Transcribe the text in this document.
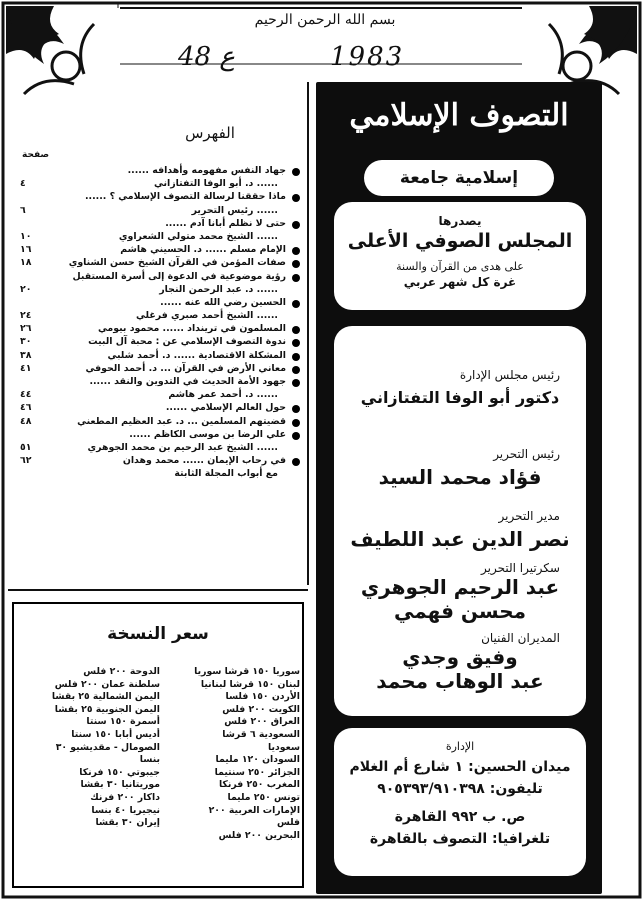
بسم الله الرحمن الرحيم
48 ع	1983
التصوف الإسلامي
إسلامية جامعة
يصدرها
المجلس الصوفي الأعلى
على هدى من القرآن والسنة
غرة كل شهر عربي
رئيس مجلس الإدارة
دكتور أبو الوفا التفتازاني
رئيس التحرير
فؤاد محمد السيد
مدير التحرير
نصر الدين عبد اللطيف
سكرتيرا التحرير
عبد الرحيم الجوهري
محسن فهمي
المديران الفنيان
وفيق وجدي
عبد الوهاب محمد
الإدارة
ميدان الحسين: ١ شارع أم الغلام
تليفون: ٩٠٥٣٩٣/٩١٠٣٩٨
ص. ب ٩٩٢ القاهرة
تلغرافيا: التصوف بالقاهرة
الفهرس
صفحة
جهاد النفس مفهومه وأهدافه ......
...... د. أبو الوفا التفتازاني
٤
ماذا حققنا لرسالة التصوف الإسلامي ؟ ......
...... رئيس التحرير
٦
حتى لا نظلم أبانا آدم ......
...... الشيخ محمد متولي الشعراوي
١٠
الإمام مسلم ...... د. الحسيني هاشم
١٦
صفات المؤمن في القرآن الشيخ حسن الشناوي
١٨
رؤية موضوعية في الدعوة إلى أسرة المستقبل
...... د. عبد الرحمن النجار
٢٠
الحسين رضي الله عنه ......
...... الشيخ أحمد صبري فرغلي
٢٤
المسلمون في ترينداد ...... محمود بيومي
٢٦
ندوة التصوف الإسلامي عن : محبة آل البيت
٣٠
المشكلة الاقتصادية ...... د. أحمد شلبي
٣٨
معاني الأرض في القرآن ... د. أحمد الحوفي
٤١
جهود الأمة الحديث في التدوين والنقد ......
...... د. أحمد عمر هاشم
٤٤
حول العالم الإسلامي ......
٤٦
قضيتهم المسلمين ... د. عبد العظيم المطعني
٤٨
علي الرضا بن موسى الكاظم ......
...... الشيخ عبد الرحيم بن محمد الجوهري
٥١
في رحاب الإيمان ...... محمد وهدان
٦٢
مع أبواب المجلة الثابتة
سعر النسخة
سوريا ١٥٠ قرشا سوريا
لبنان ١٥٠ قرشا لبنانيا
الأردن ١٥٠ فلسا
الكويت ٢٠٠ فلس
العراق ٢٠٠ فلس
السعودية ٦ قرشا
سعوديا
السودان ١٢٠ مليما
الجزائر ٢٥٠ سنتيما
المغرب ٢٥٠ فرنكا
تونس ٢٥٠ مليما
الإمارات العربية ٢٠٠
فلس
البحرين ٢٠٠ فلس
الدوحة ٢٠٠ فلس
سلطنة عمان ٢٠٠ فلس
اليمن الشمالية ٢٥ بقشا
اليمن الجنوبية ٢٥ بقشا
أسمرة ١٥٠ سنتا
أديس أبابا ١٥٠ سنتا
الصومال - مقديشيو ٣٠
بنسا
جيبوتي ١٥٠ فرنكا
موريتانيا ٣٠ بقشا
داكار ٢٠٠ فرنك
نيجيريا ٤٠ بنسا
إيران ٣٠ بقشا
